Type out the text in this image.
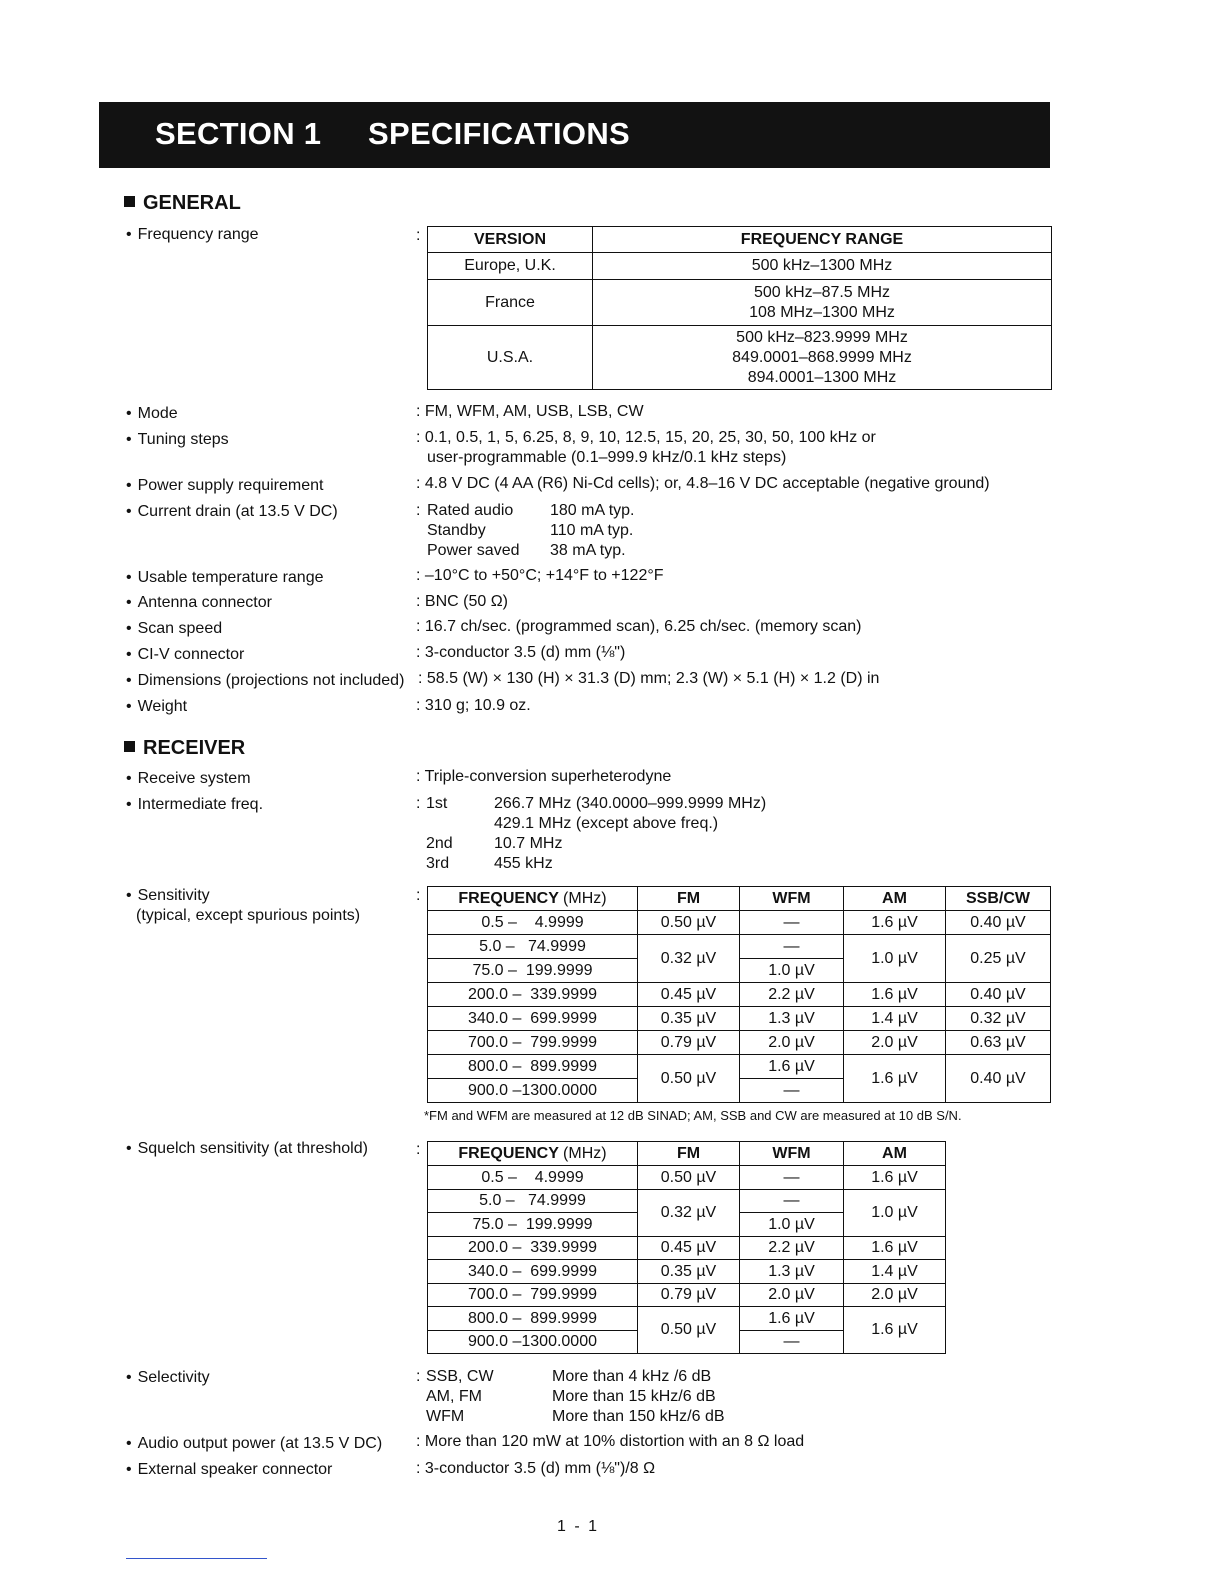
SECTION 1 SPECIFICATIONS
GENERAL
• Frequency range	:	VERSION	FREQUENCY RANGE
Europe, U.K.	500 kHz–1300 MHz
France	500 kHz–87.5 MHz
108 MHz–1300 MHz

U.S.A.	500 kHz–823.9999 MHz
849.0001–868.9999 MHz
894.0001–1300 MHz
• Mode	: FM, WFM, AM, USB, LSB, CW
• Tuning steps	: 0.1, 0.5, 1, 5, 6.25, 8, 9, 10, 12.5, 15, 20, 25, 30, 50, 100 kHz or
user-programmable (0.1–999.9 kHz/0.1 kHz steps)
• Power supply requirement	: 4.8 V DC (4 AA (R6) Ni-Cd cells); or, 4.8–16 V DC acceptable (negative ground)
• Current drain (at 13.5 V DC)	: Rated audio 180 mA typ.
Standby	110 mA typ.
Power saved 38 mA typ.
• Usable temperature range	: –10°C to +50°C; +14°F to +122°F
• Antenna connector	: BNC (50 Ω)
• Scan speed	: 16.7 ch/sec. (programmed scan), 6.25 ch/sec. (memory scan)
• CI-V connector	: 3-conductor 3.5 (d) mm (⅛")
• Dimensions (projections not included) : 58.5 (W) × 130 (H) × 31.3 (D) mm; 2.3 (W) × 5.1 (H) × 1.2 (D) in
• Weight	: 310 g; 10.9 oz.
RECEIVER
• Receive system	: Triple-conversion superheterodyne
• Intermediate freq.	: 1st	266.7 MHz (340.0000–999.9999 MHz)
429.1 MHz (except above freq.)
2nd	10.7 MHz
3rd	455 kHz
• Sensitivity
(typical, except spurious points)
: FREQUENCY (MHz)	FM	WFM	AM	SSB/CW
0.5 –    4.9999	0.50 µV	—	1.6 µV	0.40 µV
5.0 –   74.9999	0.32 µV	—	1.0 µV	0.25 µV
75.0 –  199.9999		1.0 µV		
200.0 –  339.9999	0.45 µV	2.2 µV	1.6 µV	0.40 µV
340.0 –  699.9999	0.35 µV	1.3 µV	1.4 µV	0.32 µV
700.0 –  799.9999	0.79 µV	2.0 µV	2.0 µV	0.63 µV
800.0 –  899.9999	0.50 µV	1.6 µV	1.6 µV	0.40 µV
900.0 –1300.0000		—		
*FM and WFM are measured at 12 dB SINAD; AM, SSB and CW are measured at 10 dB S/N.
• Squelch sensitivity (at threshold)	: FREQUENCY (MHz)	FM	WFM	AM
0.5 –    4.9999	0.50 µV	—	1.6 µV
5.0 –   74.9999	0.32 µV	—	1.0 µV
75.0 –  199.9999		1.0 µV	
200.0 –  339.9999	0.45 µV	2.2 µV	1.6 µV
340.0 –  699.9999	0.35 µV	1.3 µV	1.4 µV
700.0 –  799.9999	0.79 µV	2.0 µV	2.0 µV
800.0 –  899.9999	0.50 µV	1.6 µV	1.6 µV
900.0 –1300.0000		—	
• Selectivity	: SSB, CW	More than 4 kHz /6 dB
AM, FM	More than 15 kHz/6 dB
WFM	More than 150 kHz/6 dB
• Audio output power (at 13.5 V DC) : More than 120 mW at 10% distortion with an 8 Ω load
• External speaker connector	: 3-conductor 3.5 (d) mm (⅛")/8 Ω
1 - 1
